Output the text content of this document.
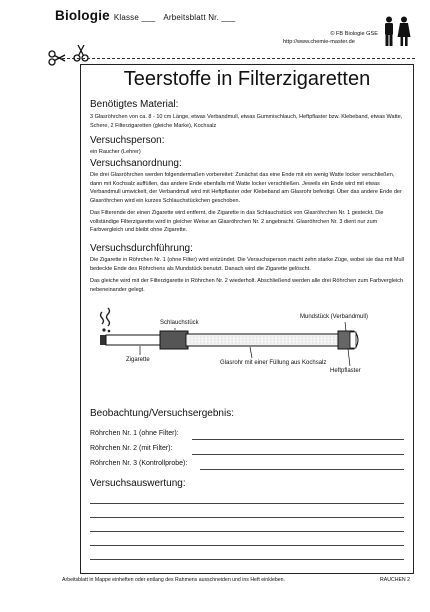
Biologie Klasse ___ Arbeitsblatt Nr. ___
© FB Biologie GSE
http://www.chemie-master.de
Teerstoffe in Filterzigaretten
Benötigtes Material:
3 Glasröhrchen von ca. 8 - 10 cm Länge, etwas Verbandmull, etwas Gummischlauch, Heftpflaster bzw. Klebeband, etwas Watte, Schere, 2 Filterzigaretten (gleiche Marke), Kochsalz
Versuchsperson:
ein Raucher (Lehrer)
Versuchsanordnung:

Die drei Glasröhrchen werden folgendermaßen vorbereitet: Zunächst das eine Ende mit ein wenig Watte locker verschließen, dann mit Kochsalz auffüllen, das andere Ende ebenfalls mit Watte locker verschließen. Jeweils ein Ende wird mit etwas Verbandmull umwickelt, der Verbandmull wird mit Heftpflaster oder Klebeband am Glasrohr befestigt. Über das andere Ende der Glasröhrchen wird ein kurzes Schlauchstückchen geschoben.

Das Filterende der einen Zigarette wird entfernt, die Zigarette in das Schlauchstück von Glasröhrchen Nr. 1 gesteckt. Die vollständige Filterzigarette wird in gleicher Weise an Glasröhrchen Nr. 2 angebracht. Glasröhrchen Nr. 3 dient nur zum Farbvergleich und bleibt ohne Zigarette.

Versuchsdurchführung:

Die Zigarette in Röhrchen Nr. 1 (ohne Filter) wird entzündet. Die Versuchsperson macht zehn starke Züge, wobei sie das mit Mull bedeckte Ende des Röhrchens als Mundstück benutzt. Danach wird die Zigarette gelöscht.

Das gleiche wird mit der Filterzigarette in Röhrchen Nr. 2 wiederholt. Abschließend werden alle drei Röhrchen zum Farbvergleich nebeneinander gelegt.

Schlauchstück
Mundstück (Verbandmull)
Zigarette	Glasrohr mit einer Füllung aus Kochsalz
Heftpflaster
Beobachtung/Versuchsergebnis:
Röhrchen Nr. 1 (ohne Filter):
Röhrchen Nr. 2 (mit Filter):
Röhrchen Nr. 3 (Kontrollprobe):
Versuchsauswertung:
Arbeitsblatt in Mappe einheften oder entlang des Rahmens ausschneiden und ins Heft einkleben.	RAUCHEN 2
